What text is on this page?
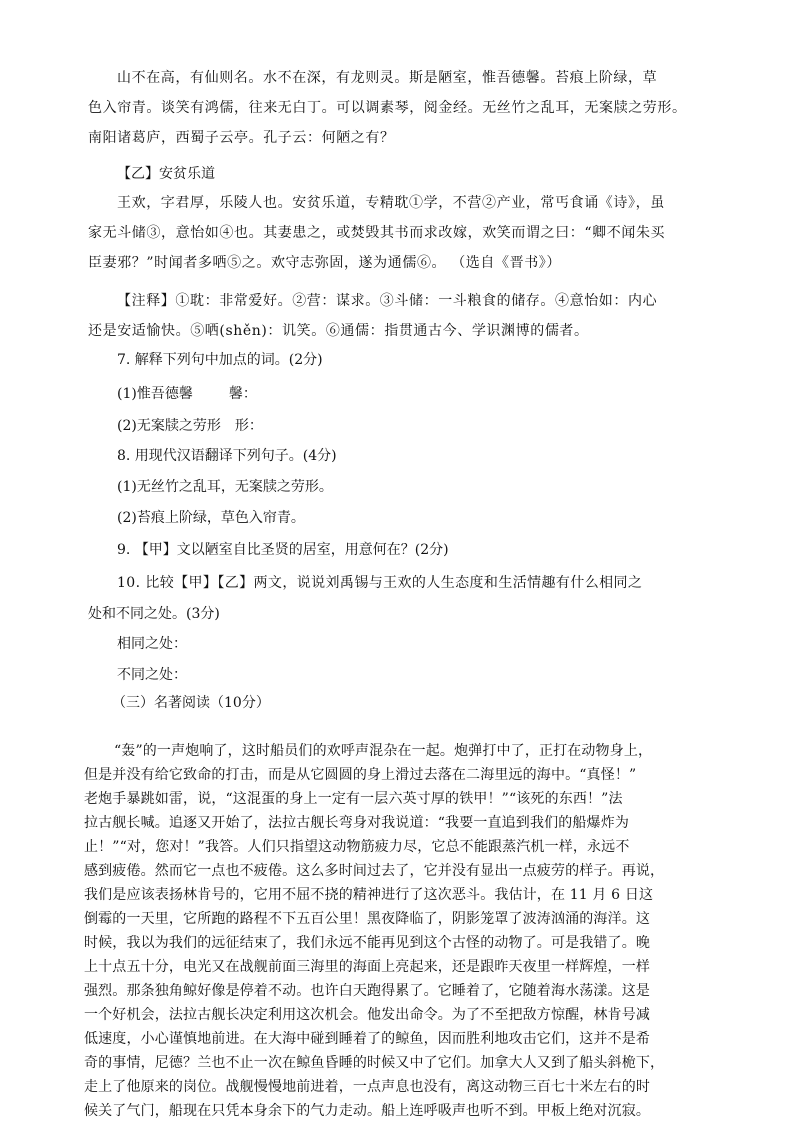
山不在高，有仙则名。水不在深，有龙则灵。斯是陋室，惟吾德馨。苔痕上阶绿，草
色入帘青。谈笑有鸿儒，往来无白丁。可以调素琴，阅金经。无丝竹之乱耳，无案牍之劳形。
南阳诸葛庐，西蜀子云亭。孔子云：何陋之有？
【乙】安贫乐道
王欢，字君厚，乐陵人也。安贫乐道，专精耽①学，不营②产业，常丐食诵《诗》，虽
家无斗储③，意怡如④也。其妻患之，或焚毁其书而求改嫁，欢笑而谓之曰：“卿不闻朱买
臣妻邪？”时闻者多哂⑤之。欢守志弥固，遂为通儒⑥。 （选自《晋书》）
【注释】①耽：非常爱好。②营：谋求。③斗储：一斗粮食的储存。④意怡如：内心
还是安适愉快。⑤哂(shěn)：讥笑。⑥通儒：指贯通古今、学识渊博的儒者。
7. 解释下列句中加点的词。(2分)
(1)惟吾德馨	馨：
(2)无案牍之劳形 形：
8. 用现代汉语翻译下列句子。(4分)
(1)无丝竹之乱耳，无案牍之劳形。
(2)苔痕上阶绿，草色入帘青。
9. 【甲】文以陋室自比圣贤的居室，用意何在？(2分)
10. 比较【甲】【乙】两文，说说刘禹锡与王欢的人生态度和生活情趣有什么相同之
处和不同之处。(3分)
相同之处：
不同之处：
（三）名著阅读（10分）
“轰”的一声炮响了，这时船员们的欢呼声混杂在一起。炮弹打中了，正打在动物身上，
但是并没有给它致命的打击，而是从它圆圆的身上滑过去落在二海里远的海中。“真怪！”
老炮手暴跳如雷，说，“这混蛋的身上一定有一层六英寸厚的铁甲！”“该死的东西！”法
拉古舰长喊。追逐又开始了，法拉古舰长弯身对我说道：“我要一直追到我们的船爆炸为
止！”“对，您对！”我答。人们只指望这动物筋疲力尽，它总不能跟蒸汽机一样，永远不
感到疲倦。然而它一点也不疲倦。这么多时间过去了，它并没有显出一点疲劳的样子。再说，
我们是应该表扬林肯号的，它用不屈不挠的精神进行了这次恶斗。我估计，在 11 月 6 日这
倒霉的一天里，它所跑的路程不下五百公里！黑夜降临了，阴影笼罩了波涛汹涌的海洋。这
时候，我以为我们的远征结束了，我们永远不能再见到这个古怪的动物了。可是我错了。晚
上十点五十分，电光又在战舰前面三海里的海面上亮起来，还是跟昨天夜里一样辉煌，一样
强烈。那条独角鲸好像是停着不动。也许白天跑得累了。它睡着了，它随着海水荡漾。这是
一个好机会，法拉古舰长决定利用这次机会。他发出命令。为了不至把敌方惊醒，林肯号减
低速度，小心谨慎地前进。在大海中碰到睡着了的鲸鱼，因而胜利地攻击它们，这并不是希
奇的事情，尼德？兰也不止一次在鲸鱼昏睡的时候又中了它们。加拿大人又到了船头斜桅下，
走上了他原来的岗位。战舰慢慢地前进着，一点声息也没有，离这动物三百七十米左右的时
候关了气门，船现在只凭本身余下的气力走动。船上连呼吸声也听不到。甲板上绝对沉寂。
